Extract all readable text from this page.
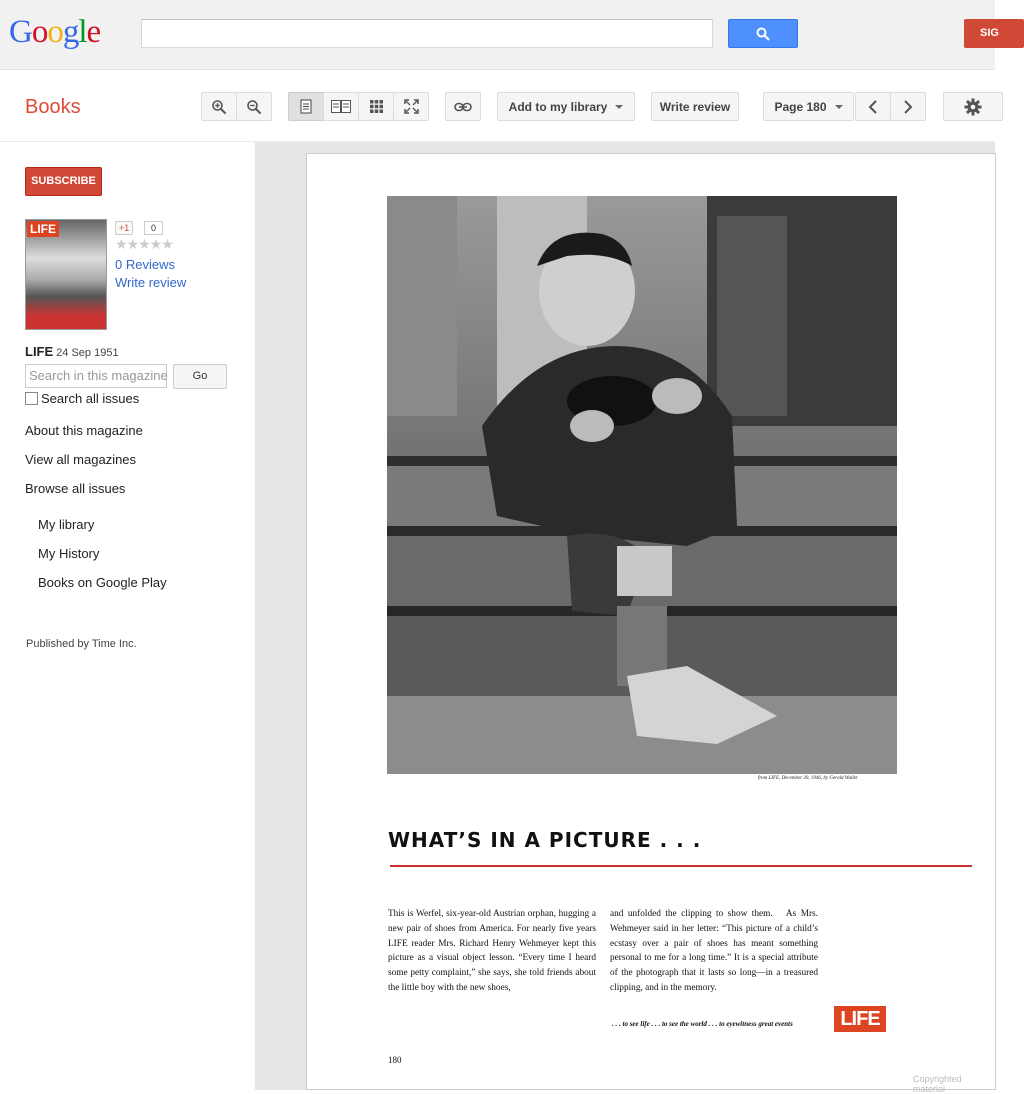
Google	SIG
Books	Add to my library	Write review	Page 180
SUBSCRIBE
LIFE	+1	0
★★★★★
0 Reviews
Write review
LIFE 24 Sep 1951
Search in this magazine	Go
Search all issues
About this magazine
View all magazines
Browse all issues
My library
My History
Books on Google Play
Published by Time Inc.
from LIFE, December 30, 1946, by Gerald Waller
WHAT’S IN A PICTURE . . .
This is Werfel, six-year-old Austrian orphan, hugging a new pair of shoes from America. For nearly five years LIFE reader Mrs. Richard Henry Wehmeyer kept this picture as a visual object lesson. “Every time I heard some petty complaint,” she says, she told friends about the little boy with the new shoes,
and unfolded the clipping to show them.   As Mrs. Wehmeyer said in her letter: “This picture of a child’s ecstasy over a pair of shoes has meant something personal to me for a long time.” It is a special attribute of the photograph that it lasts so long—in a treasured clipping, and in the memory.
. . . to see life . . . to see the world . . . to eyewitness great events	LIFE
180
Copyrighted material
